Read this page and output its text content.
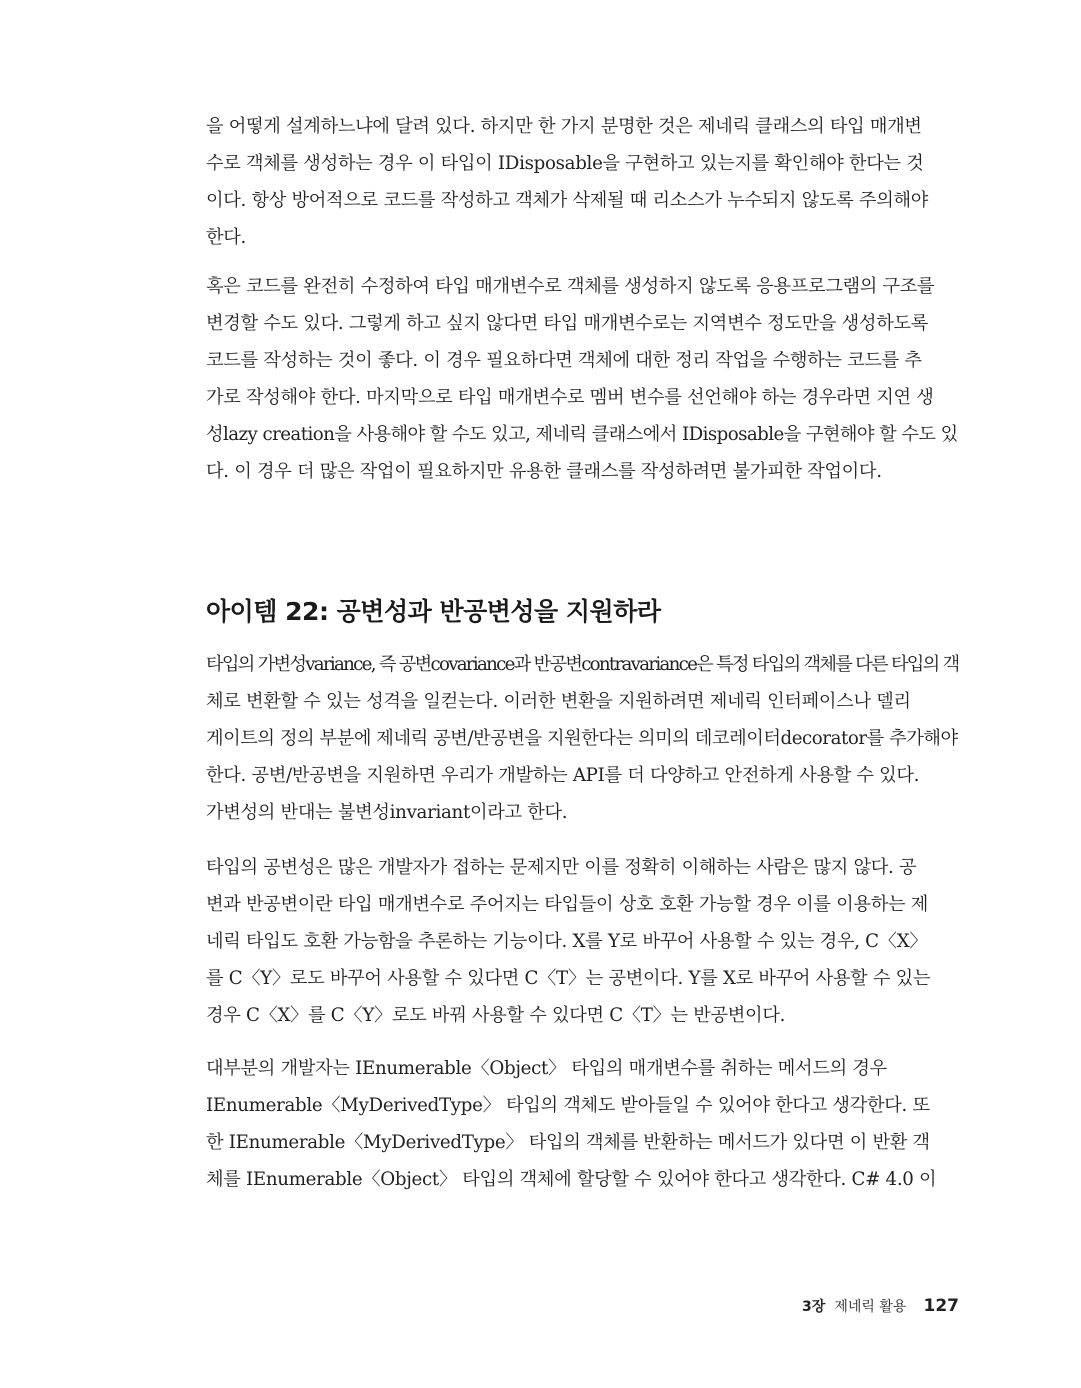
을 어떻게 설계하느냐에 달려 있다. 하지만 한 가지 분명한 것은 제네릭 클래스의 타입 매개변
수로 객체를 생성하는 경우 이 타입이 IDisposable을 구현하고 있는지를 확인해야 한다는 것
이다. 항상 방어적으로 코드를 작성하고 객체가 삭제될 때 리소스가 누수되지 않도록 주의해야
한다.
혹은 코드를 완전히 수정하여 타입 매개변수로 객체를 생성하지 않도록 응용프로그램의 구조를
변경할 수도 있다. 그렇게 하고 싶지 않다면 타입 매개변수로는 지역변수 정도만을 생성하도록
코드를 작성하는 것이 좋다. 이 경우 필요하다면 객체에 대한 정리 작업을 수행하는 코드를 추
가로 작성해야 한다. 마지막으로 타입 매개변수로 멤버 변수를 선언해야 하는 경우라면 지연 생
성lazy creation을 사용해야 할 수도 있고, 제네릭 클래스에서 IDisposable을 구현해야 할 수도 있
다. 이 경우 더 많은 작업이 필요하지만 유용한 클래스를 작성하려면 불가피한 작업이다.
아이템 22: 공변성과 반공변성을 지원하라
타입의 가변성variance, 즉 공변covariance과 반공변contravariance은 특정 타입의 객체를 다른 타입의 객
체로 변환할 수 있는 성격을 일컫는다. 이러한 변환을 지원하려면 제네릭 인터페이스나 델리
게이트의 정의 부분에 제네릭 공변/반공변을 지원한다는 의미의 데코레이터decorator를 추가해야
한다. 공변/반공변을 지원하면 우리가 개발하는 API를 더 다양하고 안전하게 사용할 수 있다.
가변성의 반대는 불변성invariant이라고 한다.
타입의 공변성은 많은 개발자가 접하는 문제지만 이를 정확히 이해하는 사람은 많지 않다. 공
변과 반공변이란 타입 매개변수로 주어지는 타입들이 상호 호환 가능할 경우 이를 이용하는 제
네릭 타입도 호환 가능함을 추론하는 기능이다. X를 Y로 바꾸어 사용할 수 있는 경우, C〈X〉
를 C〈Y〉로도 바꾸어 사용할 수 있다면 C〈T〉는 공변이다. Y를 X로 바꾸어 사용할 수 있는
경우 C〈X〉를 C〈Y〉로도 바꿔 사용할 수 있다면 C〈T〉는 반공변이다.
대부분의 개발자는 IEnumerable〈Object〉 타입의 매개변수를 취하는 메서드의 경우
IEnumerable〈MyDerivedType〉 타입의 객체도 받아들일 수 있어야 한다고 생각한다. 또
한 IEnumerable〈MyDerivedType〉 타입의 객체를 반환하는 메서드가 있다면 이 반환 객
체를 IEnumerable〈Object〉 타입의 객체에 할당할 수 있어야 한다고 생각한다. C# 4.0 이
3장 제네릭 활용 127
